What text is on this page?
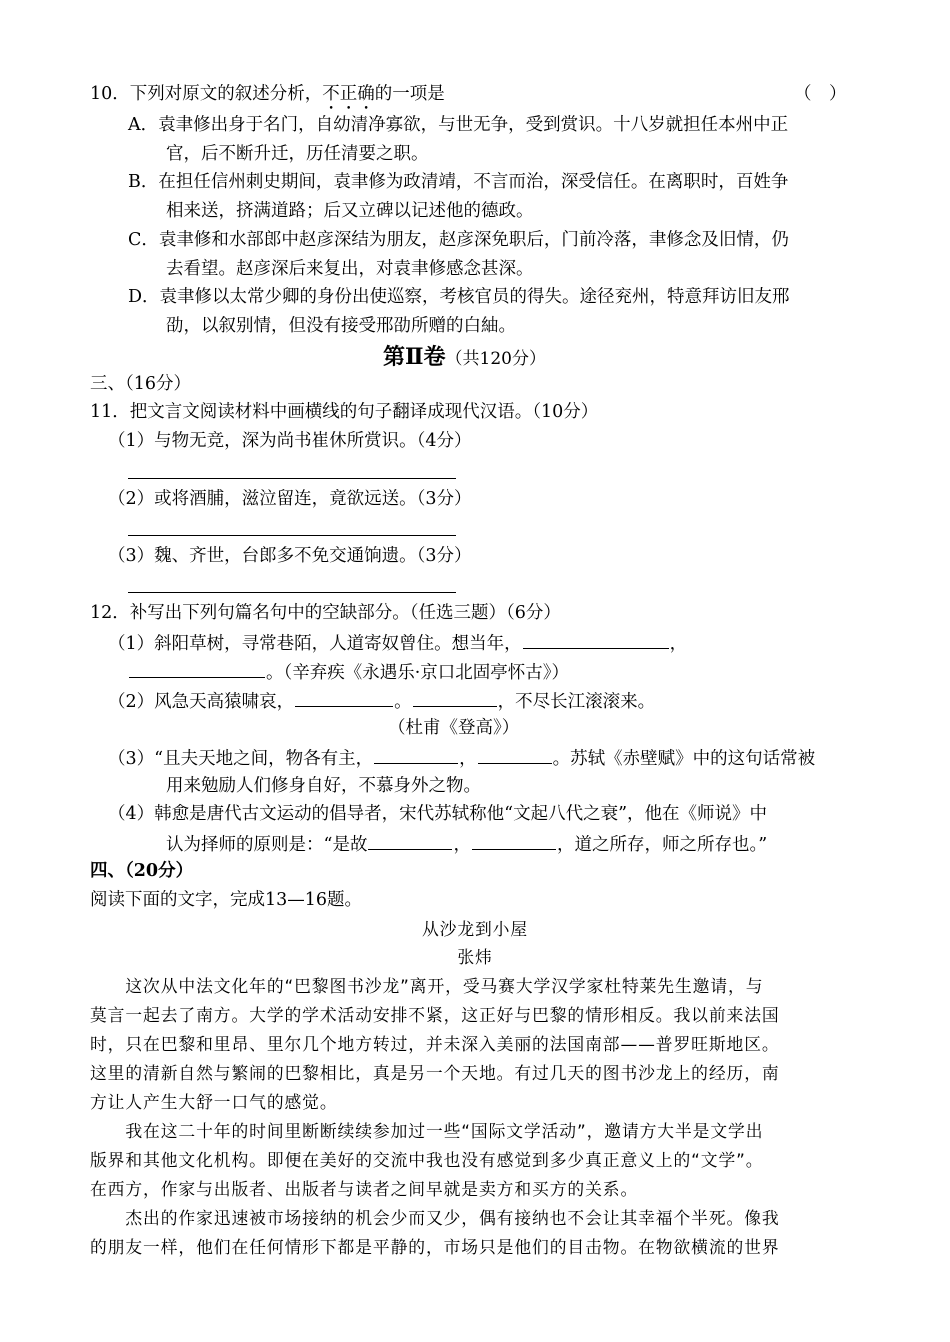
10．下列对原文的叙述分析，不正确的一项是	（　）
A．袁聿修出身于名门，自幼清净寡欲，与世无争，受到赏识。十八岁就担任本州中正
官，后不断升迁，历任清要之职。
B．在担任信州刺史期间，袁聿修为政清靖，不言而治，深受信任。在离职时，百姓争
相来送，挤满道路；后又立碑以记述他的德政。
C．袁聿修和水部郎中赵彦深结为朋友，赵彦深免职后，门前冷落，聿修念及旧情，仍
去看望。赵彦深后来复出，对袁聿修感念甚深。
D．袁聿修以太常少卿的身份出使巡察，考核官员的得失。途径兖州，特意拜访旧友邢
劭，以叙别情，但没有接受邢劭所赠的白紬。
第Ⅱ卷（共120分）
三、（16分）
11．把文言文阅读材料中画横线的句子翻译成现代汉语。（10分）
（1）与物无竞，深为尚书崔休所赏识。（4分）
（2）或将酒脯，滋泣留连，竟欲远送。（3分）
（3）魏、齐世，台郎多不免交通饷遗。（3分）
12．补写出下列句篇名句中的空缺部分。（任选三题）（6分）
（1）斜阳草树，寻常巷陌，人道寄奴曾住。想当年，	，
。（辛弃疾《永遇乐·京口北固亭怀古》）
（2）风急天高猿啸哀，	。	，不尽长江滚滚来。
（杜甫《登高》）
（3）“且夫天地之间，物各有主，	，	。苏轼《赤壁赋》中的这句话常被
用来勉励人们修身自好，不慕身外之物。
（4）韩愈是唐代古文运动的倡导者，宋代苏轼称他“文起八代之衰”，他在《师说》中
认为择师的原则是：“是故	，	，道之所存，师之所存也。”
四、（20分）
阅读下面的文字，完成13—16题。
从沙龙到小屋
张炜
　　这次从中法文化年的“巴黎图书沙龙”离开，受马赛大学汉学家杜特莱先生邀请，与
莫言一起去了南方。大学的学术活动安排不紧，这正好与巴黎的情形相反。我以前来法国
时，只在巴黎和里昂、里尔几个地方转过，并未深入美丽的法国南部——普罗旺斯地区。
这里的清新自然与繁闹的巴黎相比，真是另一个天地。有过几天的图书沙龙上的经历，南
方让人产生大舒一口气的感觉。
　　我在这二十年的时间里断断续续参加过一些“国际文学活动”，邀请方大半是文学出
版界和其他文化机构。即便在美好的交流中我也没有感觉到多少真正意义上的“文学”。
在西方，作家与出版者、出版者与读者之间早就是卖方和买方的关系。
　　杰出的作家迅速被市场接纳的机会少而又少，偶有接纳也不会让其幸福个半死。像我
的朋友一样，他们在任何情形下都是平静的，市场只是他们的目击物。在物欲横流的世界
